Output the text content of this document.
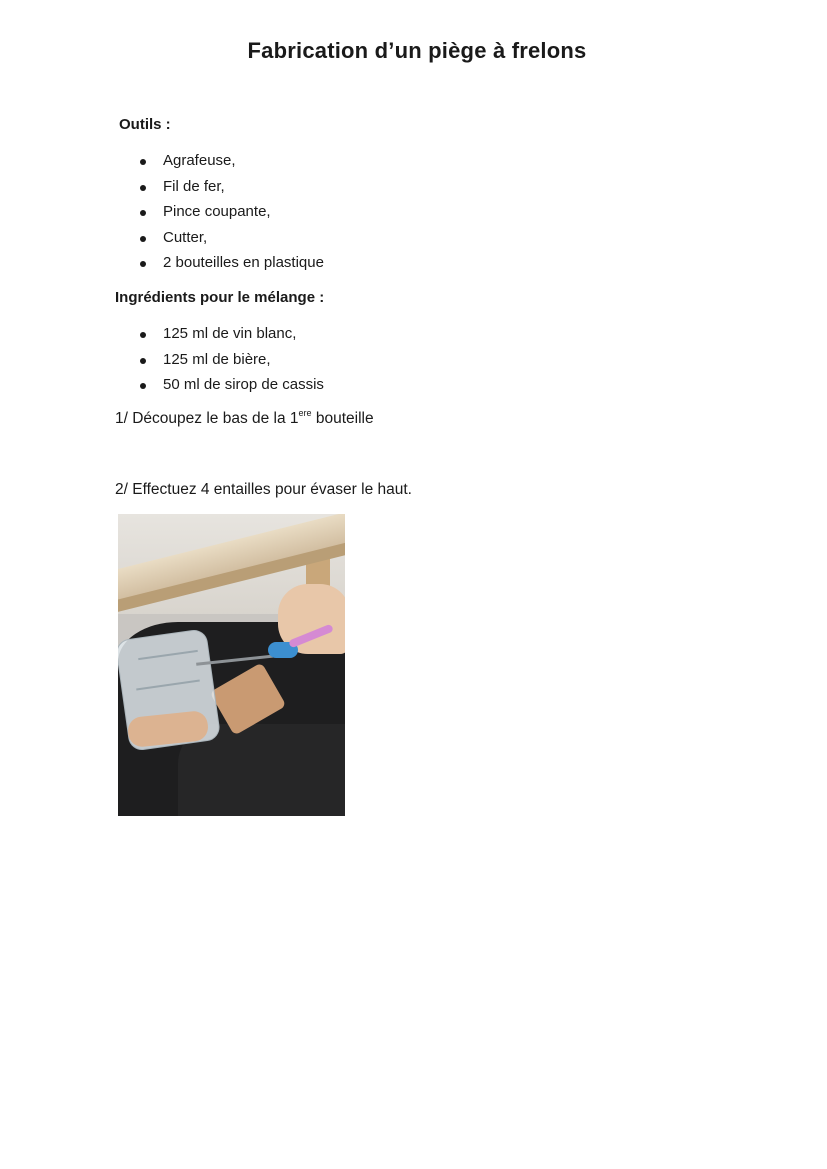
Fabrication d’un piège à frelons
Outils :
Agrafeuse,
Fil de fer,
Pince coupante,
Cutter,
2 bouteilles en plastique
Ingrédients pour le mélange :
125 ml de vin blanc,
125 ml de bière,
50 ml de sirop de cassis
1/ Découpez le bas de la 1ere bouteille
2/ Effectuez 4 entailles pour évaser le haut.
